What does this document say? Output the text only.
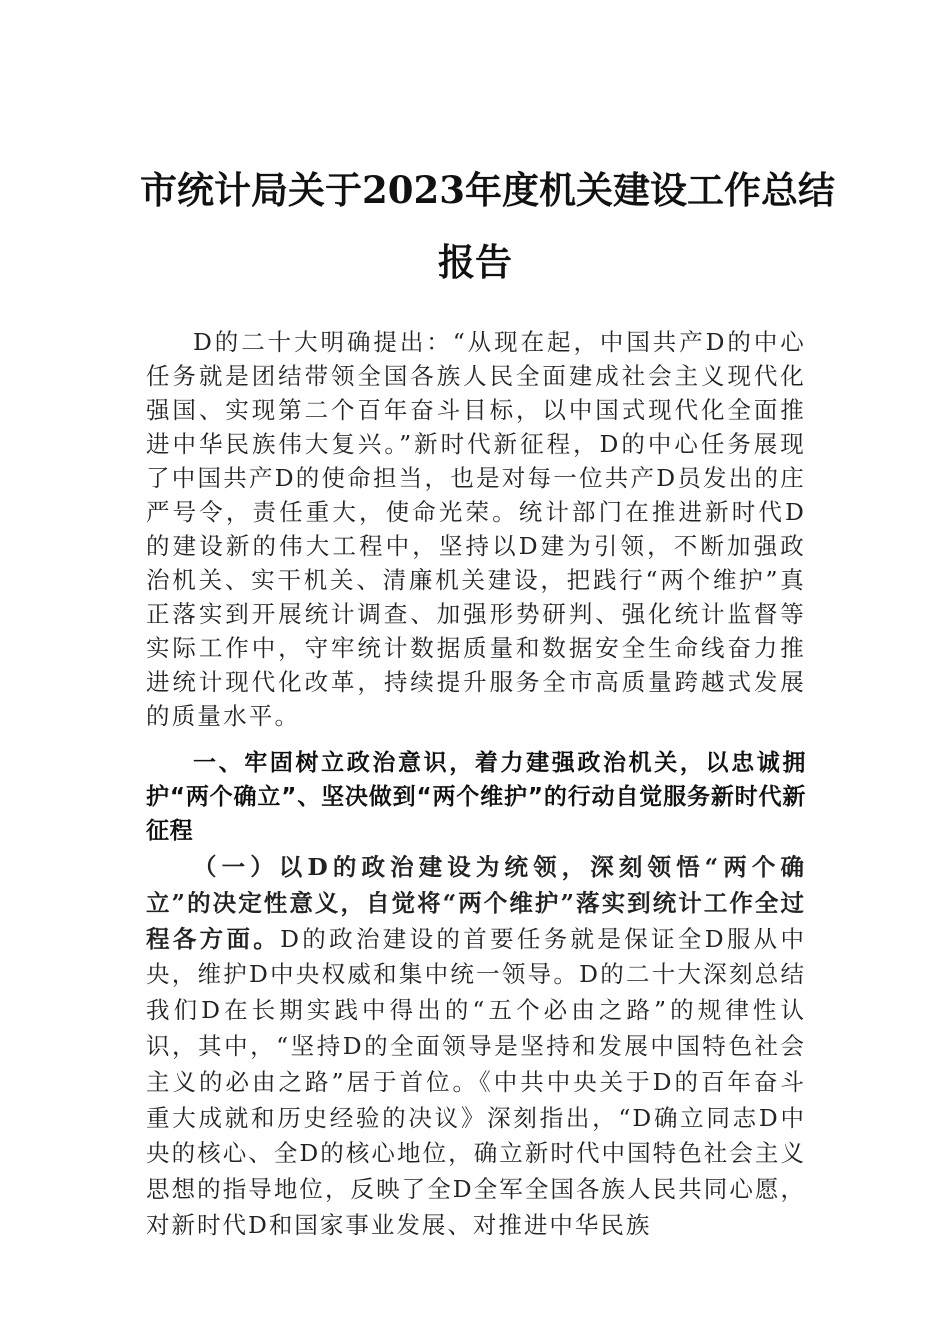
市统计局关于2023年度机关建设工作总结
报告

D的二十大明确提出：“从现在起，中国共产D的中心任务就是团结带领全国各族人民全面建成社会主义现代化强国、实现第二个百年奋斗目标，以中国式现代化全面推进中华民族伟大复兴。”新时代新征程，D的中心任务展现了中国共产D的使命担当，也是对每一位共产D员发出的庄严号令，责任重大，使命光荣。统计部门在推进新时代D的建设新的伟大工程中，坚持以D建为引领，不断加强政治机关、实干机关、清廉机关建设，把践行“两个维护”真正落实到开展统计调查、加强形势研判、强化统计监督等实际工作中，守牢统计数据质量和数据安全生命线奋力推进统计现代化改革，持续提升服务全市高质量跨越式发展的质量水平。

一、牢固树立政治意识，着力建强政治机关，以忠诚拥护“两个确立”、坚决做到“两个维护”的行动自觉服务新时代新征程

（一）以D的政治建设为统领，深刻领悟“两个确立”的决定性意义，自觉将“两个维护”落实到统计工作全过程各方面。D的政治建设的首要任务就是保证全D服从中央，维护D中央权威和集中统一领导。D的二十大深刻总结我们D在长期实践中得出的“五个必由之路”的规律性认识，其中，“坚持D的全面领导是坚持和发展中国特色社会主义的必由之路”居于首位。《中共中央关于D的百年奋斗重大成就和历史经验的决议》深刻指出，“D确立同志D中央的核心、全D的核心地位，确立新时代中国特色社会主义思想的指导地位，反映了全D全军全国各族人民共同心愿，对新时代D和国家事业发展、对推进中华民族
